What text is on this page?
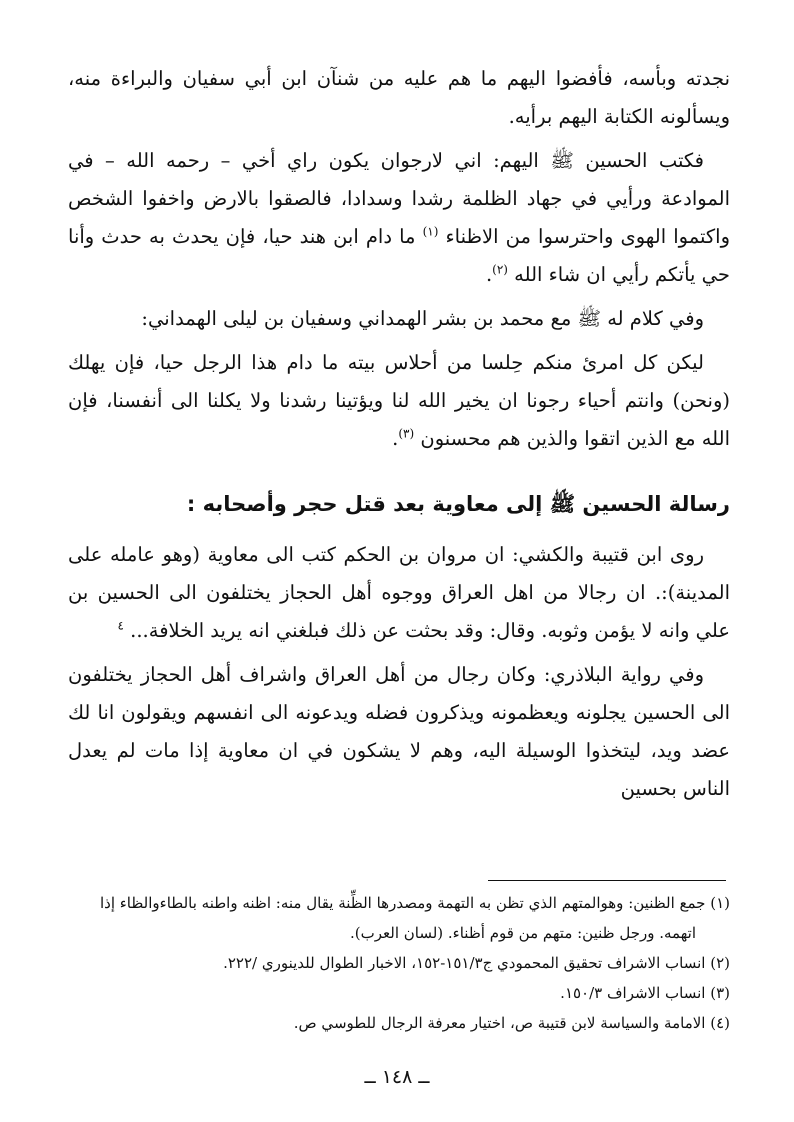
نجدته وبأسه، فأفضوا اليهم ما هم عليه من شنآن ابن أبي سفيان والبراءة منه، ويسألونه الكتابة اليهم برأيه.

فكتب الحسين ﷺ اليهم: اني لارجوان يكون راي أخي – رحمه الله – في الموادعة ورأيي في جهاد الظلمة رشدا وسدادا، فالصقوا بالارض واخفوا الشخص واكتموا الهوى واحترسوا من الاظناء $^{(١)}$ ما دام ابن هند حيا، فإن يحدث به حدث وأنا حي يأتكم رأيي ان شاء الله $^{(٢)}$.

وفي كلام له ﷺ مع محمد بن بشر الهمداني وسفيان بن ليلى الهمداني:

ليكن كل امرئ منكم حِلسا من أحلاس بيته ما دام هذا الرجل حيا، فإن يهلك (ونحن) وانتم أحياء رجونا ان يخير الله لنا ويؤتينا رشدنا ولا يكلنا الى أنفسنا، فإن الله مع الذين اتقوا والذين هم محسنون $^{(٣)}$.

رسالة الحسين ﷺ إلى معاوية بعد قتل حجر وأصحابه :

روى ابن قتيبة والكشي: ان مروان بن الحكم كتب الى معاوية (وهو عامله على المدينة):. ان رجالا من اهل العراق ووجوه أهل الحجاز يختلفون الى الحسين بن علي وانه لا يؤمن وثوبه. وقال: وقد بحثت عن ذلك فبلغني انه يريد الخلافة... $^٤$

وفي رواية البلاذري: وكان رجال من أهل العراق واشراف أهل الحجاز يختلفون الى الحسين يجلونه ويعظمونه ويذكرون فضله ويدعونه الى انفسهم ويقولون انا لك عضد ويد، ليتخذوا الوسيلة اليه، وهم لا يشكون في ان معاوية إذا مات لم يعدل الناس بحسين

(١) جمع الظنين: وهوالمتهم الذي تظن به التهمة ومصدرها الظِّنة يقال منه: اظنه واطنه بالطاءوالظاء إذا

اتهمه. ورجل ظنين: متهم من قوم أظناء. (لسان العرب).

(٢) انساب الاشراف تحقيق المحمودي ج١٥١/٣-١٥٢، الاخبار الطوال للدينوري /٢٢٢.

(٣) انساب الاشراف ١٥٠/٣.

(٤) الامامة والسياسة لابن قتيبة ص، اختيار معرفة الرجال للطوسي ص.

ــ ١٤٨ ــ
